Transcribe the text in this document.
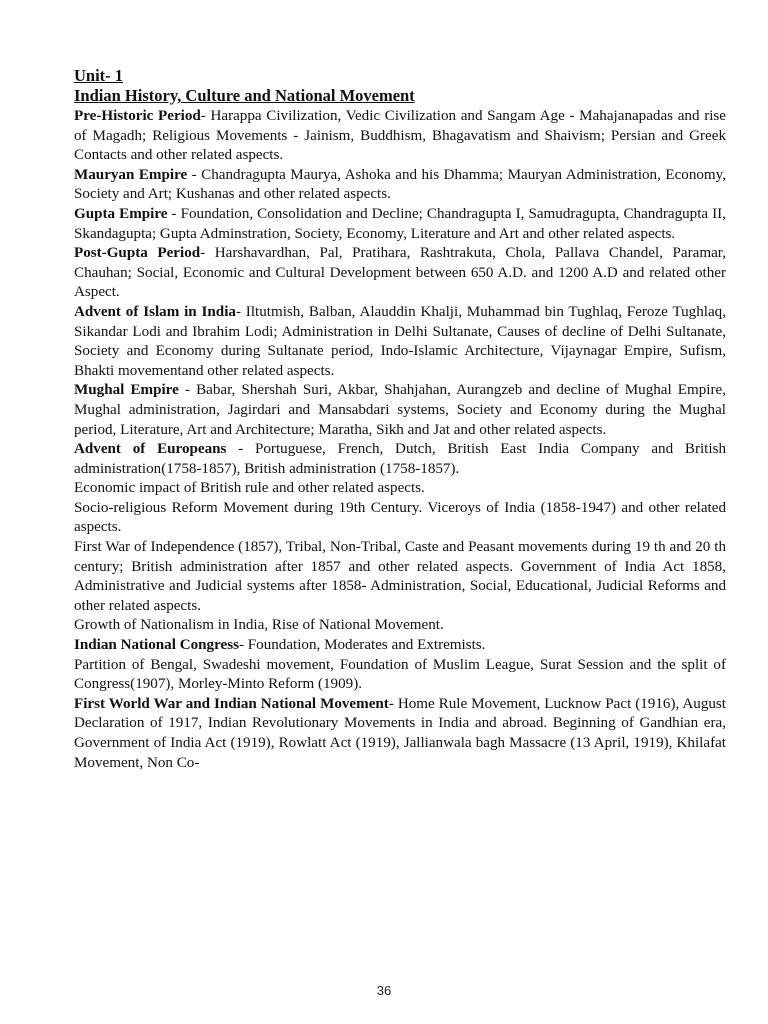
Unit- 1

Indian History, Culture and National Movement

Pre-Historic Period- Harappa Civilization, Vedic Civilization and Sangam Age - Mahajanapadas and rise of Magadh; Religious Movements - Jainism, Buddhism, Bhagavatism and Shaivism; Persian and Greek Contacts and other related aspects.

Mauryan Empire - Chandragupta Maurya, Ashoka and his Dhamma; Mauryan Administration, Economy, Society and Art; Kushanas and other related aspects.

Gupta Empire - Foundation, Consolidation and Decline; Chandragupta I, Samudragupta, Chandragupta II, Skandagupta; Gupta Adminstration, Society, Economy, Literature and Art and other related aspects.

Post-Gupta Period- Harshavardhan, Pal, Pratihara, Rashtrakuta, Chola, Pallava Chandel, Paramar, Chauhan; Social, Economic and Cultural Development between 650 A.D. and 1200 A.D and related other Aspect.

Advent of Islam in India- Iltutmish, Balban, Alauddin Khalji, Muhammad bin Tughlaq, Feroze Tughlaq, Sikandar Lodi and Ibrahim Lodi; Administration in Delhi Sultanate, Causes of decline of Delhi Sultanate, Society and Economy during Sultanate period, Indo-Islamic Architecture, Vijaynagar Empire, Sufism, Bhakti movementand other related aspects.

Mughal Empire - Babar, Shershah Suri, Akbar, Shahjahan, Aurangzeb and decline of Mughal Empire, Mughal administration, Jagirdari and Mansabdari systems, Society and Economy during the Mughal period, Literature, Art and Architecture; Maratha, Sikh and Jat and other related aspects.

Advent of Europeans - Portuguese, French, Dutch, British East India Company and British administration(1758-1857), British administration (1758-1857).

Economic impact of British rule and other related aspects.

Socio-religious Reform Movement during 19th Century. Viceroys of India (1858-1947) and other related aspects.

First War of Independence (1857), Tribal, Non-Tribal, Caste and Peasant movements during 19 th and 20 th century; British administration after 1857 and other related aspects. Government of India Act 1858, Administrative and Judicial systems after 1858- Administration, Social, Educational, Judicial Reforms and other related aspects.

Growth of Nationalism in India, Rise of National Movement.

Indian National Congress- Foundation, Moderates and Extremists.

Partition of Bengal, Swadeshi movement, Foundation of Muslim League, Surat Session and the split of Congress(1907), Morley-Minto Reform (1909).

First World War and Indian National Movement- Home Rule Movement, Lucknow Pact (1916), August Declaration of 1917, Indian Revolutionary Movements in India and abroad. Beginning of Gandhian era, Government of India Act (1919), Rowlatt Act (1919), Jallianwala bagh Massacre (13 April, 1919), Khilafat Movement, Non Co-

36
